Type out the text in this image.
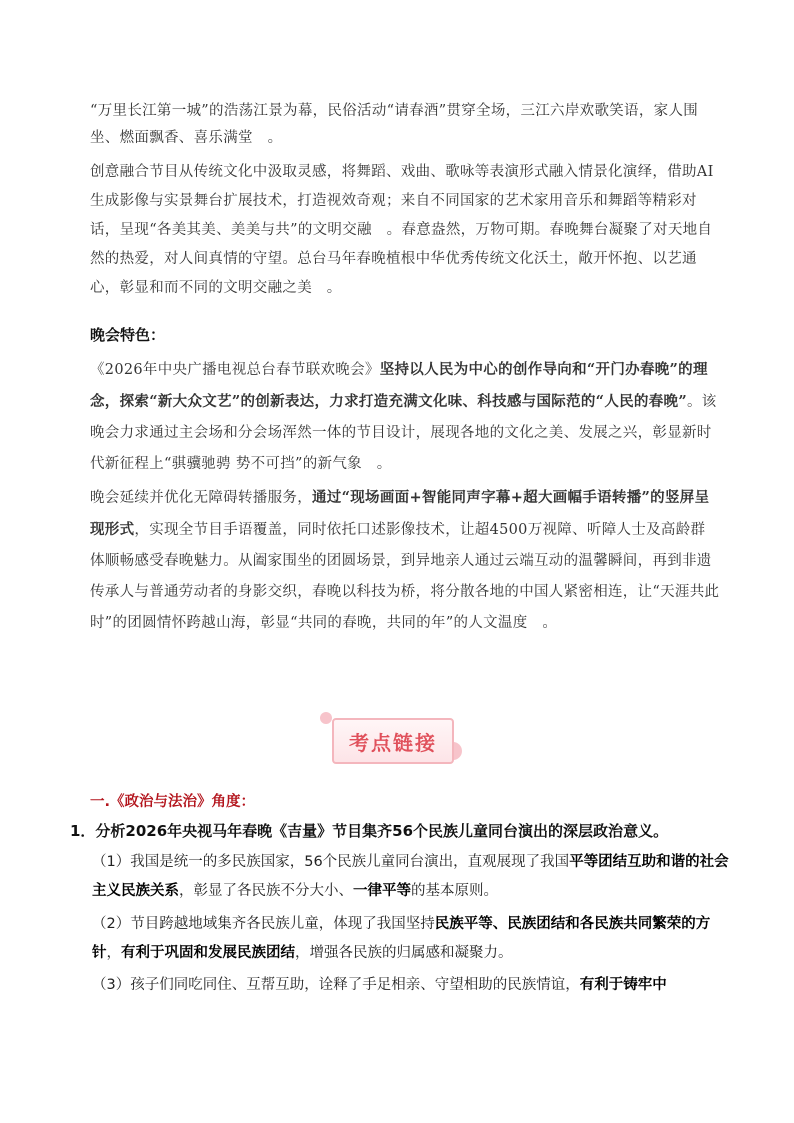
“万里长江第一城”的浩荡江景为幕，民俗活动“请春酒”贯穿全场，三江六岸欢歌笑语，家人围坐、燃面飘香、喜乐满堂　。
创意融合节目从传统文化中汲取灵感，将舞蹈、戏曲、歌咏等表演形式融入情景化演绎，借助AI生成影像与实景舞台扩展技术，打造视效奇观；来自不同国家的艺术家用音乐和舞蹈等精彩对话，呈现“各美其美、美美与共”的文明交融　。春意盎然，万物可期。春晚舞台凝聚了对天地自然的热爱，对人间真情的守望。总台马年春晚植根中华优秀传统文化沃土，敞开怀抱、以艺通心，彰显和而不同的文明交融之美　。
晚会特色：
《2026年中央广播电视总台春节联欢晚会》坚持以人民为中心的创作导向和“开门办春晚”的理念，探索“新大众文艺”的创新表达，力求打造充满文化味、科技感与国际范的“人民的春晚”。该晚会力求通过主会场和分会场浑然一体的节目设计，展现各地的文化之美、发展之兴，彰显新时代新征程上“骐骥驰骋 势不可挡”的新气象　。
晚会延续并优化无障碍转播服务，通过“现场画面+智能同声字幕+超大画幅手语转播”的竖屏呈现形式，实现全节目手语覆盖，同时依托口述影像技术，让超4500万视障、听障人士及高龄群体顺畅感受春晚魅力。从阖家围坐的团圆场景，到异地亲人通过云端互动的温馨瞬间，再到非遗传承人与普通劳动者的身影交织，春晚以科技为桥，将分散各地的中国人紧密相连，让“天涯共此时”的团圆情怀跨越山海，彰显“共同的春晚，共同的年”的人文温度　。
考点链接
一.《政治与法治》角度：
1．分析2026年央视马年春晚《吉量》节目集齐56个民族儿童同台演出的深层政治意义。
（1）我国是统一的多民族国家，56个民族儿童同台演出，直观展现了我国平等团结互助和谐的社会主义民族关系，彰显了各民族不分大小、一律平等的基本原则。
（2）节目跨越地域集齐各民族儿童，体现了我国坚持民族平等、民族团结和各民族共同繁荣的方针，有利于巩固和发展民族团结，增强各民族的归属感和凝聚力。
（3）孩子们同吃同住、互帮互助，诠释了手足相亲、守望相助的民族情谊，有利于铸牢中
